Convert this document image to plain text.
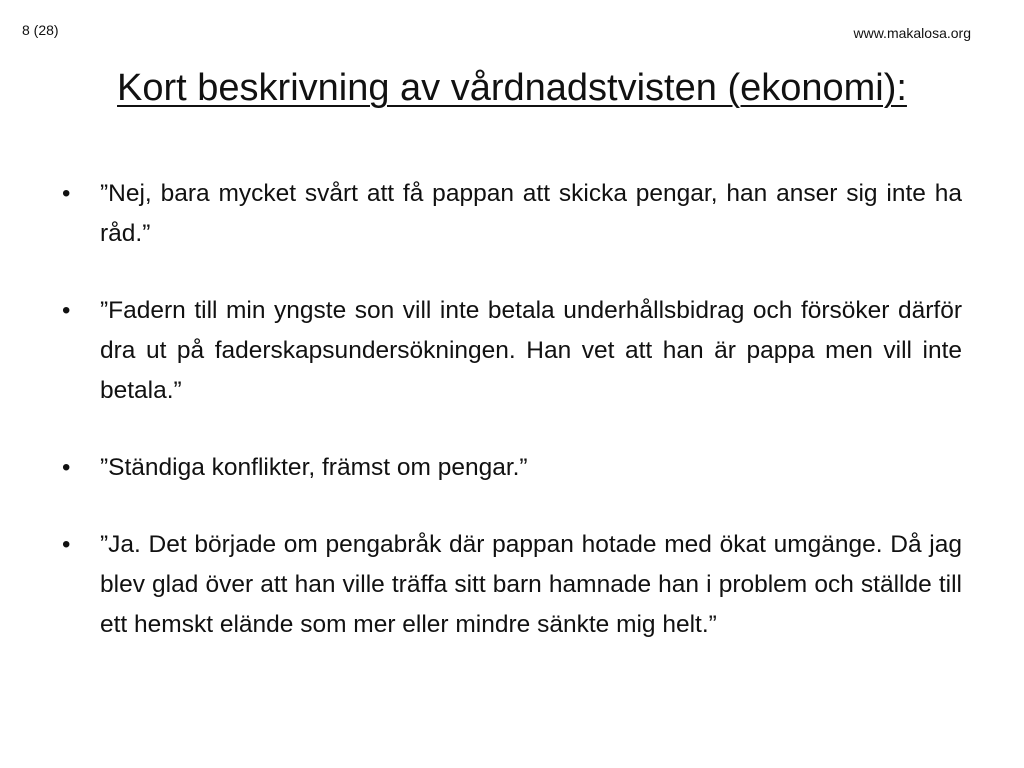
8 (28)	www.makalosa.org
Kort beskrivning av vårdnadstvisten (ekonomi):
• ”Nej, bara mycket svårt att få pappan att skicka pengar, han anser sig inte ha råd.”
• ”Fadern till min yngste son vill inte betala underhållsbidrag och försöker därför dra ut på faderskapsundersökningen. Han vet att han är pappa men vill inte betala.”
• ”Ständiga konflikter, främst om pengar.”
• ”Ja. Det började om pengabråk där pappan hotade med ökat umgänge. Då jag blev glad över att han ville träffa sitt barn hamnade han i problem och ställde till ett hemskt elände som mer eller mindre sänkte mig helt.”
